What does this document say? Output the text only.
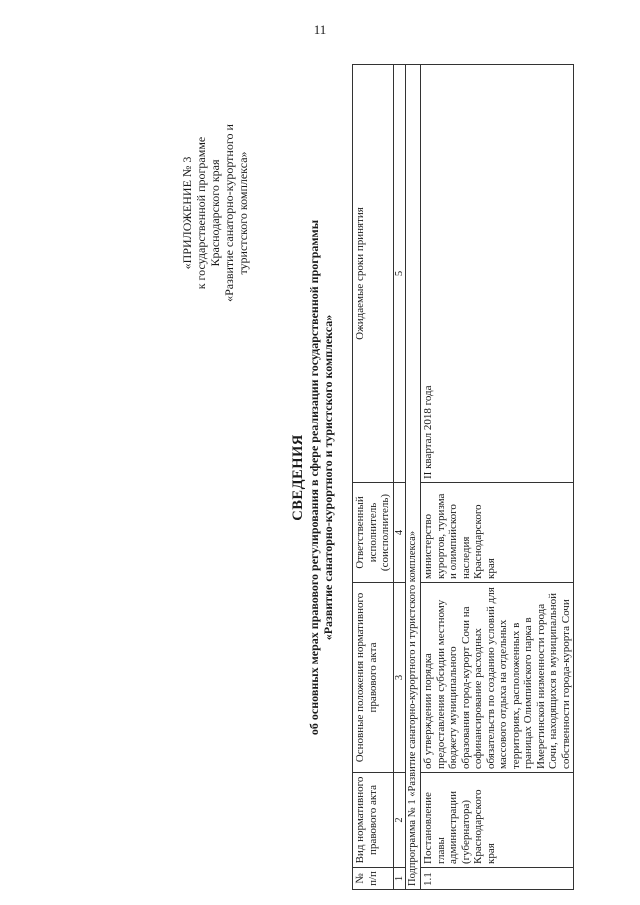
11
«ПРИЛОЖЕНИЕ № 3 к государственной программе Краснодарского края «Развитие санаторно-курортного и туристского комплекса»
СВЕДЕНИЯ об основных мерах правового регулирования в сфере реализации государственной программы «Развитие санаторно-курортного и туристского комплекса»
№ п/п	Вид нормативного правового акта	Основные положения нормативного правового акта	Ответственный исполнитель (соисполнитель)	Ожидаемые сроки принятия
1	2	3	4	5
Подпрограмма № 1 «Развитие санаторно-курортного и туристского комплекса»				
1.1	Постановление главы администрации (губернатора) Краснодарского края	об утверждении порядка предоставления субсидии местному бюджету муниципального образования город-курорт Сочи на софинансирование расходных обязательств по созданию условий для массового отдыха на отдельных территориях, расположенных в границах Олимпийского парка в Имеретинской низменности города Сочи, находящихся в муниципальной собственности города-курорта Сочи	министерство курортов, туризма и олимпийского наследия Краснодарского края	II квартал 2018 года
